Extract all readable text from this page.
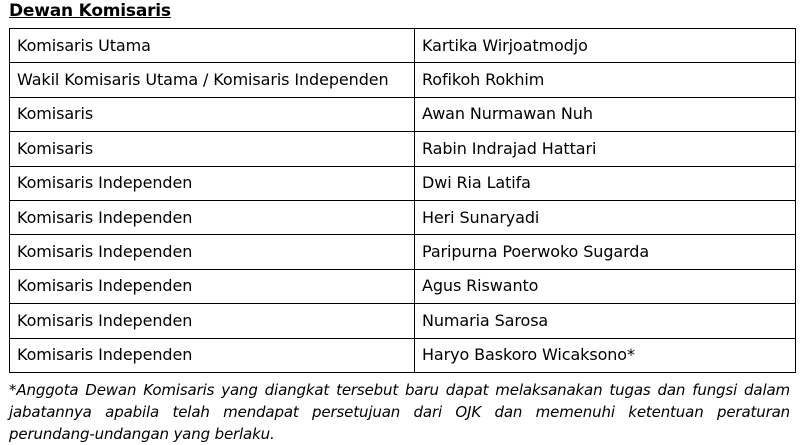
Dewan Komisaris
Komisaris Utama	Kartika Wirjoatmodjo
Wakil Komisaris Utama / Komisaris Independen	Rofikoh Rokhim
Komisaris	Awan Nurmawan Nuh
Komisaris	Rabin Indrajad Hattari
Komisaris Independen	Dwi Ria Latifa
Komisaris Independen	Heri Sunaryadi
Komisaris Independen	Paripurna Poerwoko Sugarda
Komisaris Independen	Agus Riswanto
Komisaris Independen	Numaria Sarosa
Komisaris Independen	Haryo Baskoro Wicaksono*
*Anggota Dewan Komisaris yang diangkat tersebut baru dapat melaksanakan tugas dan fungsi dalam jabatannya apabila telah mendapat persetujuan dari OJK dan memenuhi ketentuan peraturan perundang-undangan yang berlaku.
